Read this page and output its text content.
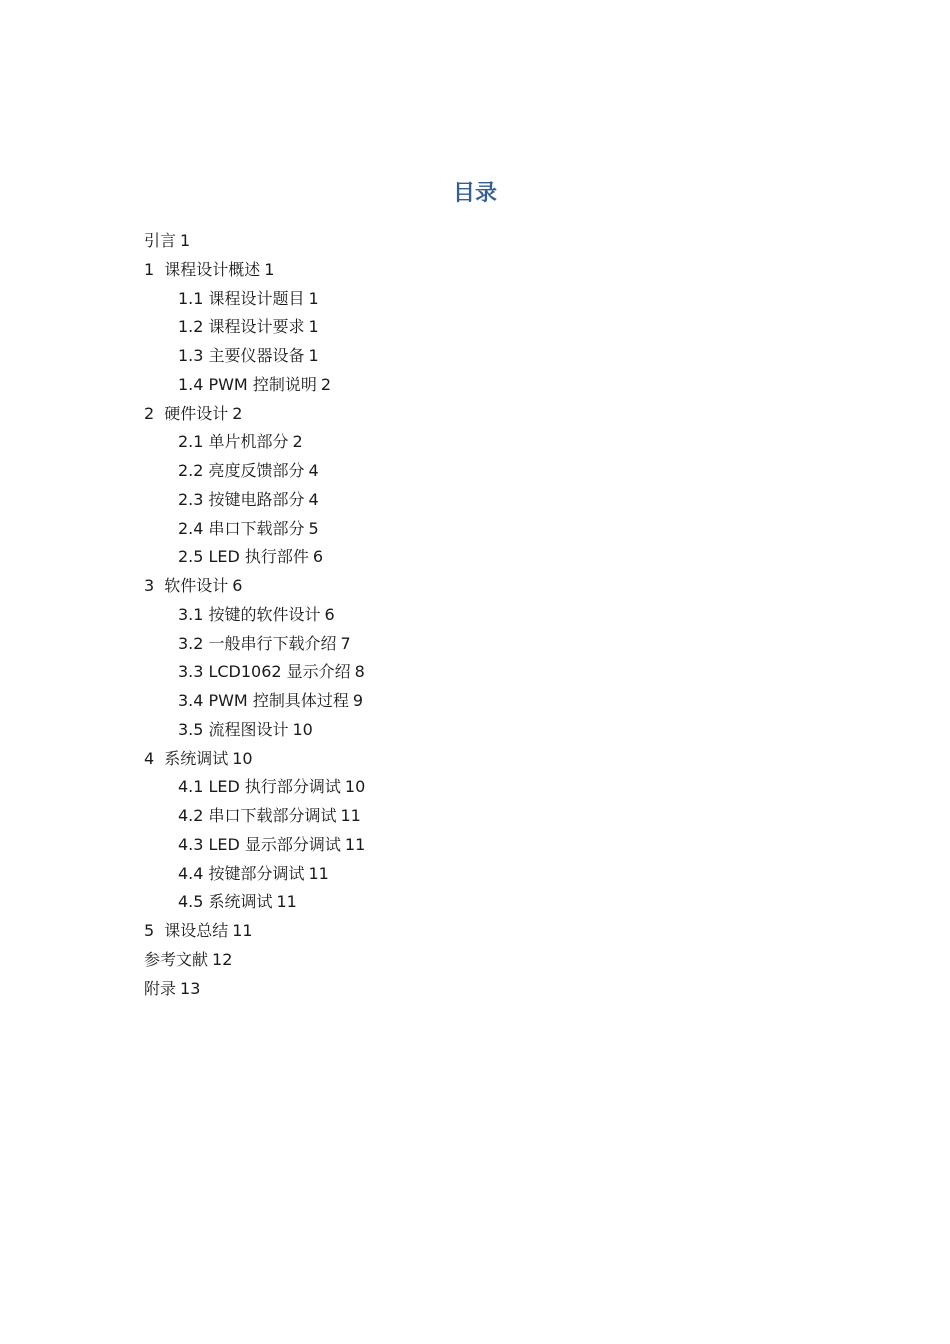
目录
引言 1
1 课程设计概述 1
1.1 课程设计题目 1
1.2 课程设计要求 1
1.3 主要仪器设备 1
1.4 PWM 控制说明 2
2 硬件设计 2
2.1 单片机部分 2
2.2 亮度反馈部分 4
2.3 按键电路部分 4
2.4 串口下载部分 5
2.5 LED 执行部件 6
3 软件设计 6
3.1 按键的软件设计 6
3.2 一般串行下载介绍 7
3.3 LCD1062 显示介绍 8
3.4 PWM 控制具体过程 9
3.5 流程图设计 10
4 系统调试 10
4.1 LED 执行部分调试 10
4.2 串口下载部分调试 11
4.3 LED 显示部分调试 11
4.4 按键部分调试 11
4.5 系统调试 11
5 课设总结 11
参考文献 12
附录 13
